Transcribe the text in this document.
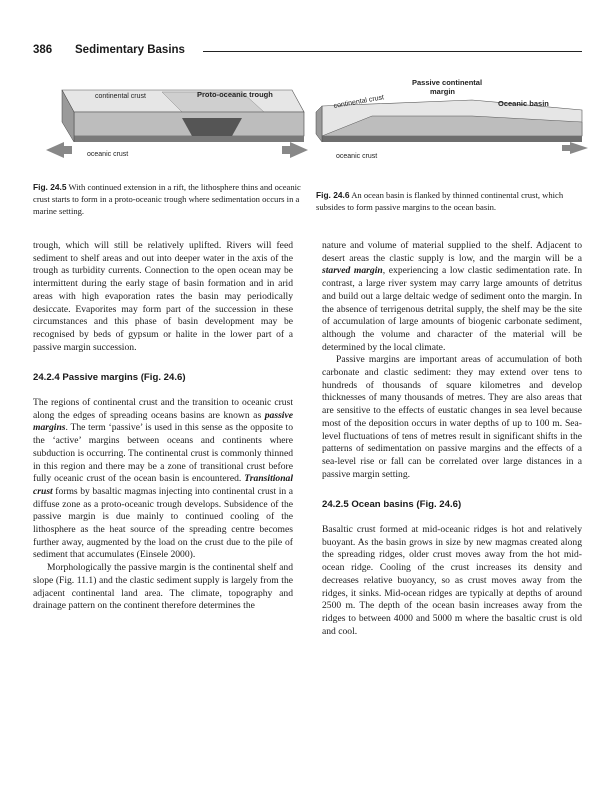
386 Sedimentary Basins
continental crust	Proto-oceanic trough
oceanic crust
Passive continental
margin
Oceanic basin
continental crust
oceanic crust
Fig. 24.5 With continued extension in a rift, the lithosphere thins and oceanic crust starts to form in a proto-oceanic trough where sedimentation occurs in a marine setting.
Fig. 24.6 An ocean basin is flanked by thinned continental crust, which subsides to form passive margins to the ocean basin.

trough, which will still be relatively uplifted. Rivers will feed sediment to shelf areas and out into deeper water in the axis of the trough as turbidity currents. Connection to the open ocean may be intermittent during the early stage of basin formation and in arid areas with high evaporation rates the basin may periodically desiccate. Evaporites may form part of the succession in these circumstances and this phase of basin development may be recognised by beds of gypsum or halite in the lower part of a passive margin succession.

24.2.4 Passive margins (Fig. 24.6)

The regions of continental crust and the transition to oceanic crust along the edges of spreading oceans basins are known as passive margins. The term ‘passive’ is used in this sense as the opposite to the ‘active’ margins between oceans and continents where subduction is occurring. The continental crust is commonly thinned in this region and there may be a zone of transitional crust before fully oceanic crust of the ocean basin is encountered. Transitional crust forms by basaltic magmas injecting into continental crust in a diffuse zone as a proto-oceanic trough develops. Subsidence of the passive margin is due mainly to continued cooling of the lithosphere as the heat source of the spreading centre becomes further away, augmented by the load on the crust due to the pile of sediment that accumulates (Einsele 2000).

Morphologically the passive margin is the continental shelf and slope (Fig. 11.1) and the clastic sediment supply is largely from the adjacent continental land area. The climate, topography and drainage pattern on the continent therefore determines the

nature and volume of material supplied to the shelf. Adjacent to desert areas the clastic supply is low, and the margin will be a starved margin, experiencing a low clastic sedimentation rate. In contrast, a large river system may carry large amounts of detritus and build out a large deltaic wedge of sediment onto the margin. In the absence of terrigenous detrital supply, the shelf may be the site of accumulation of large amounts of biogenic carbonate sediment, although the volume and character of the material will be determined by the local climate.

Passive margins are important areas of accumulation of both carbonate and clastic sediment: they may extend over tens to hundreds of thousands of square kilometres and develop thicknesses of many thousands of metres. They are also areas that are sensitive to the effects of eustatic changes in sea level because most of the deposition occurs in water depths of up to 100 m. Sea-level fluctuations of tens of metres result in significant shifts in the patterns of sedimentation on passive margins and the effects of a sea-level rise or fall can be correlated over large distances in a passive margin setting.

24.2.5 Ocean basins (Fig. 24.6)

Basaltic crust formed at mid-oceanic ridges is hot and relatively buoyant. As the basin grows in size by new magmas created along the spreading ridges, older crust moves away from the hot mid-ocean ridge. Cooling of the crust increases its density and decreases relative buoyancy, so as crust moves away from the ridges, it sinks. Mid-ocean ridges are typically at depths of around 2500 m. The depth of the ocean basin increases away from the ridges to between 4000 and 5000 m where the basaltic crust is old and cool.
